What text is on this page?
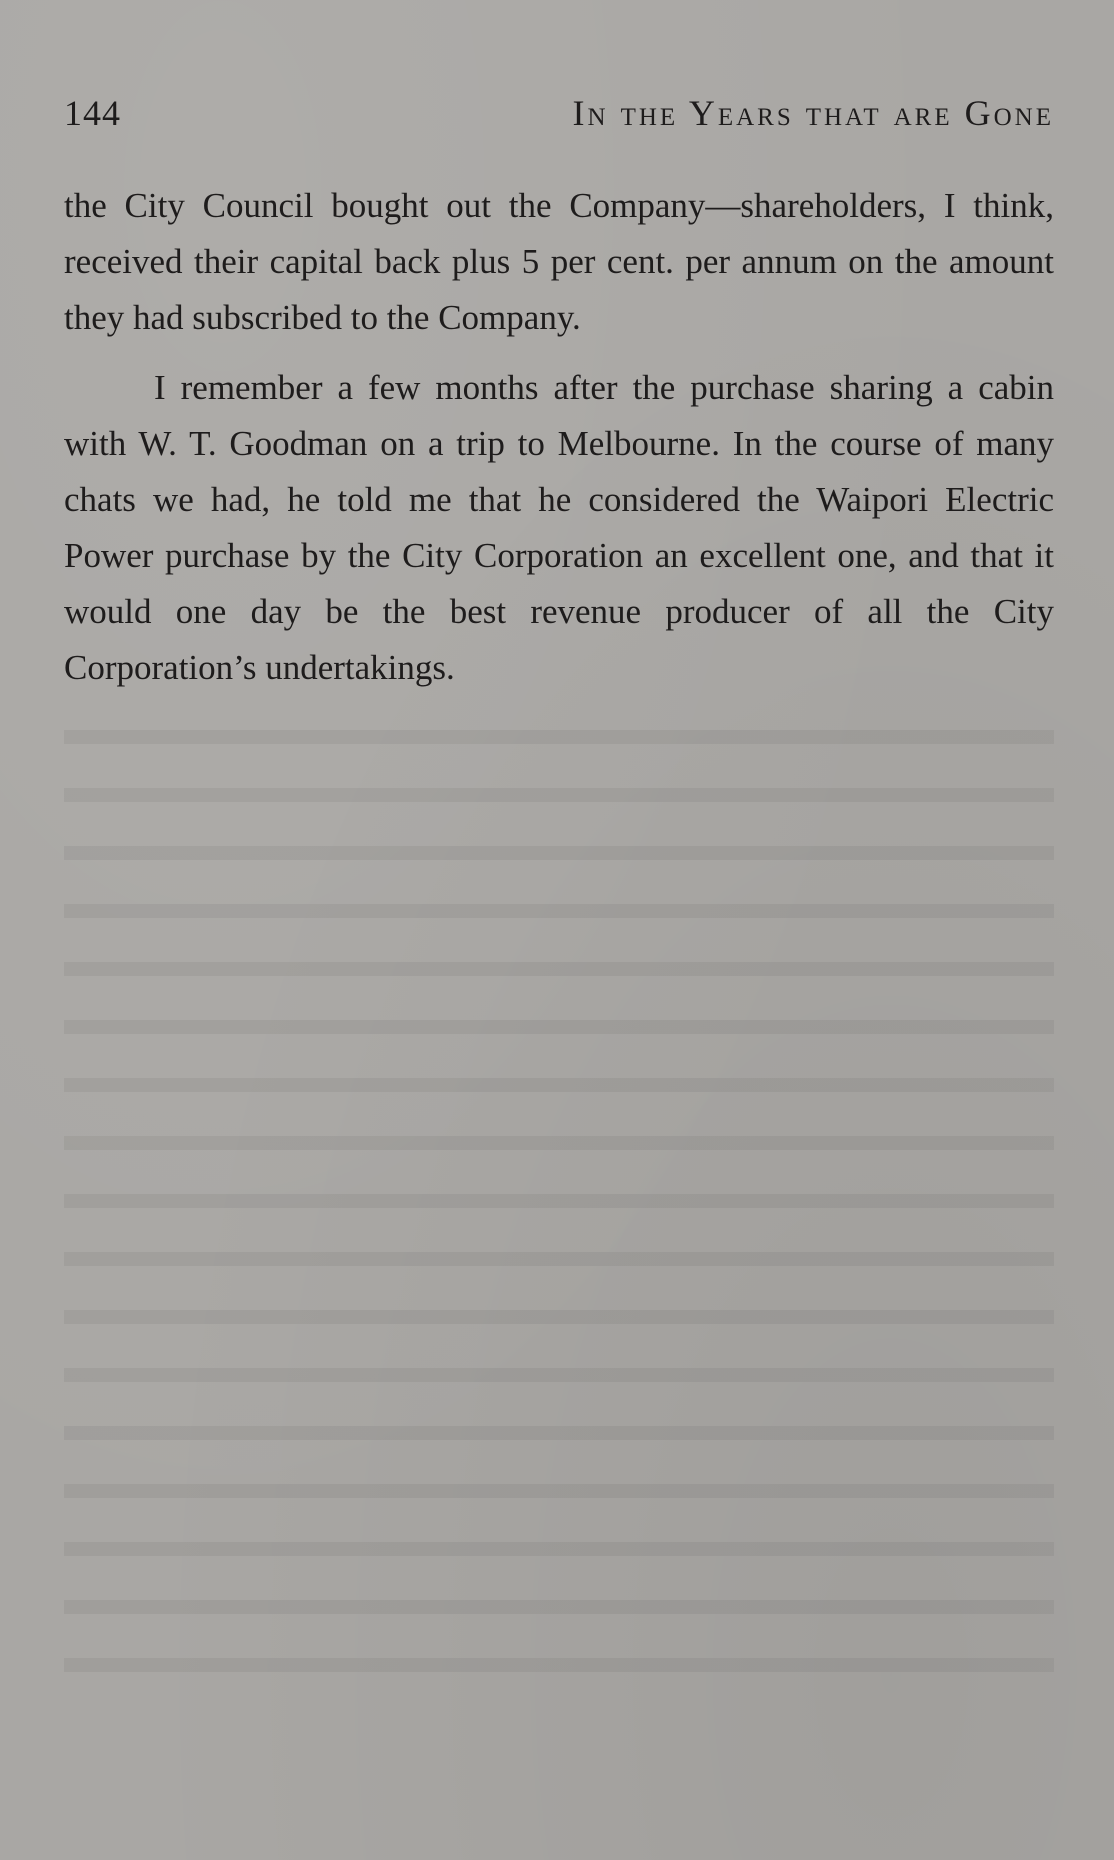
144	In the Years that are Gone

the City Council bought out the Company—shareholders, I think, received their capital back plus 5 per cent. per annum on the amount they had subscribed to the Company.

I remember a few months after the purchase sharing a cabin with W. T. Goodman on a trip to Melbourne. In the course of many chats we had, he told me that he considered the Waipori Electric Power purchase by the City Corporation an excellent one, and that it would one day be the best revenue producer of all the City Corporation’s undertakings.
